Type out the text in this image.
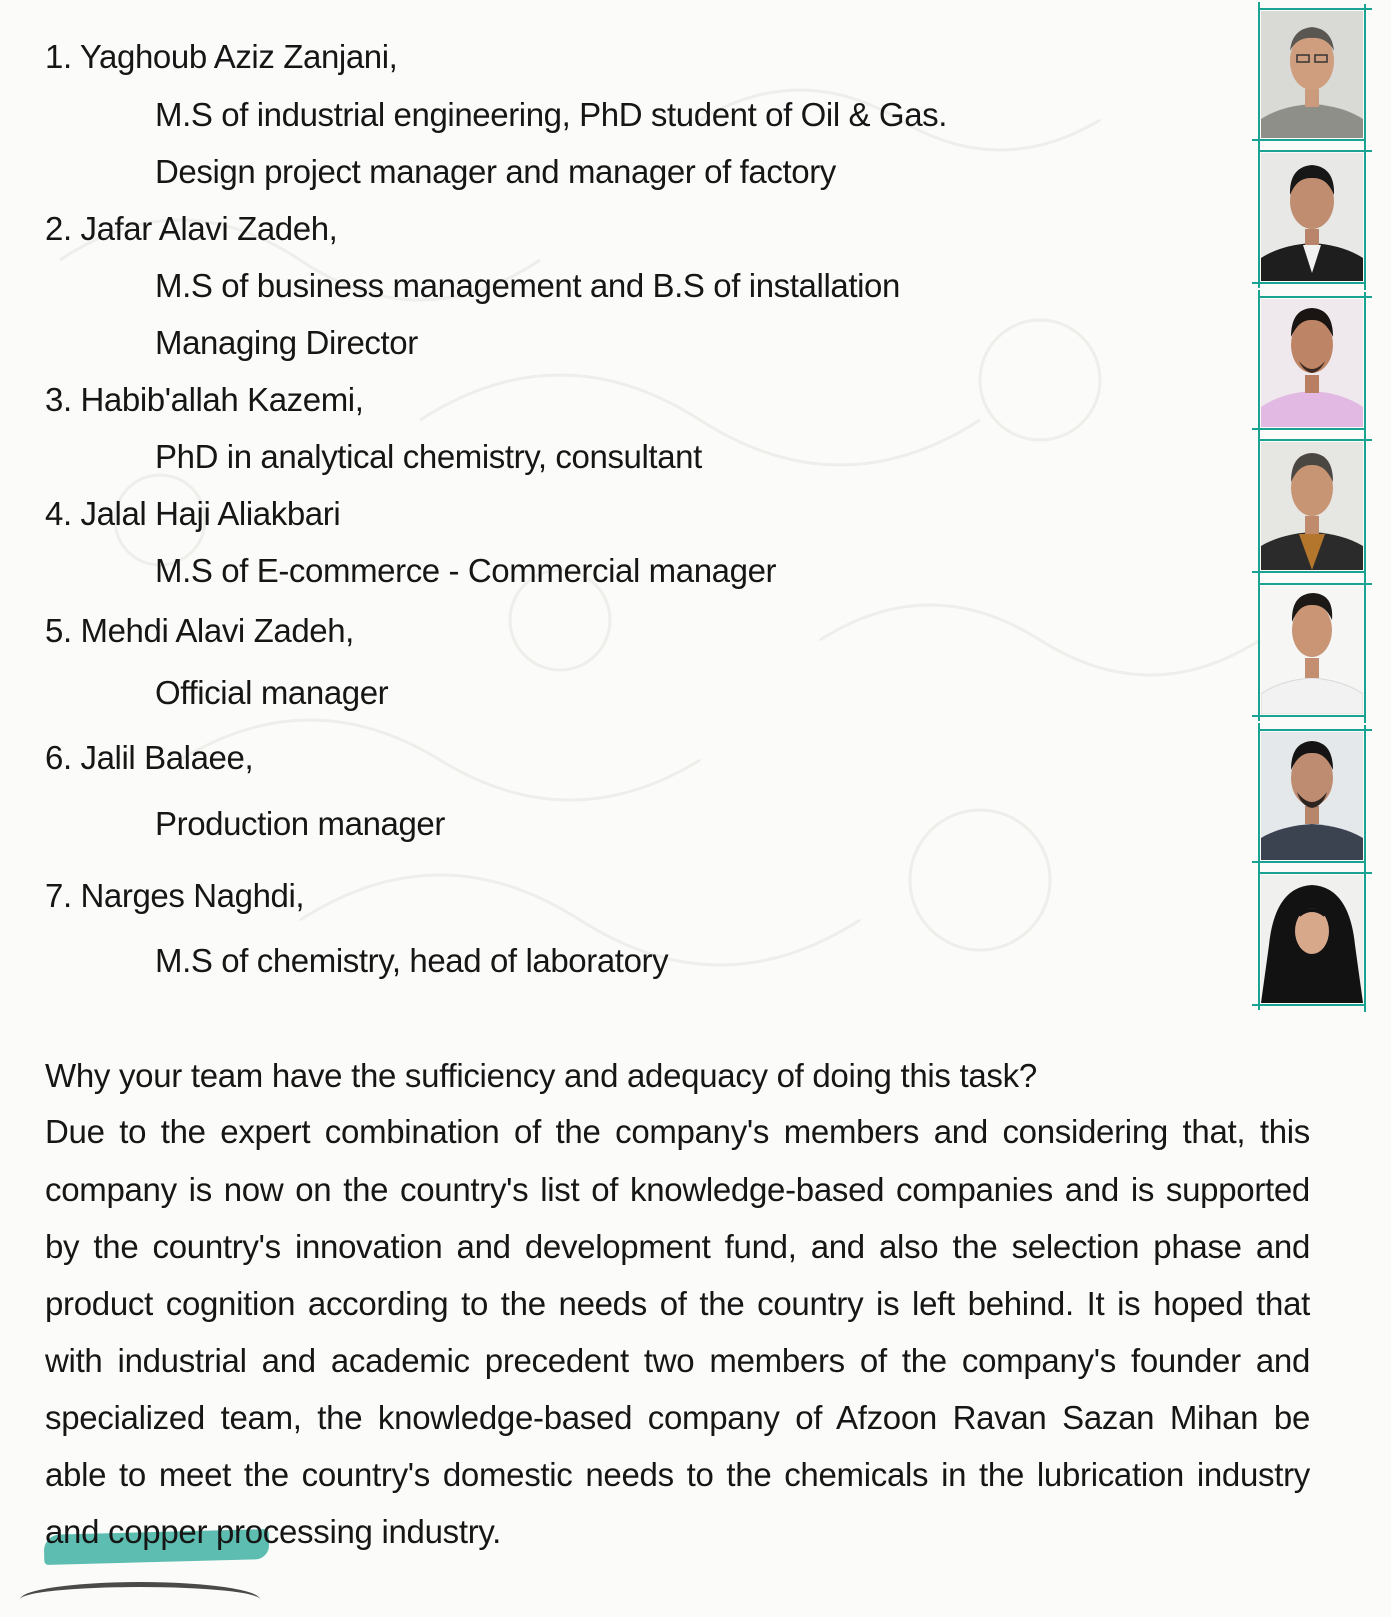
1. Yaghoub Aziz Zanjani,
M.S of industrial engineering, PhD student of Oil & Gas.
Design project manager and manager of factory
2. Jafar Alavi Zadeh,
M.S of business management and B.S of installation
Managing Director
3. Habib'allah Kazemi,
PhD in analytical chemistry, consultant
4. Jalal Haji Aliakbari
M.S of E-commerce - Commercial manager
5. Mehdi Alavi Zadeh,
Official manager
6. Jalil Balaee,
Production manager
7. Narges Naghdi,
M.S of chemistry, head of laboratory
Why your team have the sufficiency and adequacy of doing this task?
Due to the expert combination of the company's members and considering that, this
company is now on the country's list of knowledge-based companies and is supported
by the country's innovation and development fund, and also the selection phase and
product cognition according to the needs of the country is left behind. It is hoped that
with industrial and academic precedent two members of the company's founder and
specialized team, the knowledge-based company of Afzoon Ravan Sazan Mihan be
able to meet the country's domestic needs to the chemicals in the lubrication industry
and copper processing industry.
